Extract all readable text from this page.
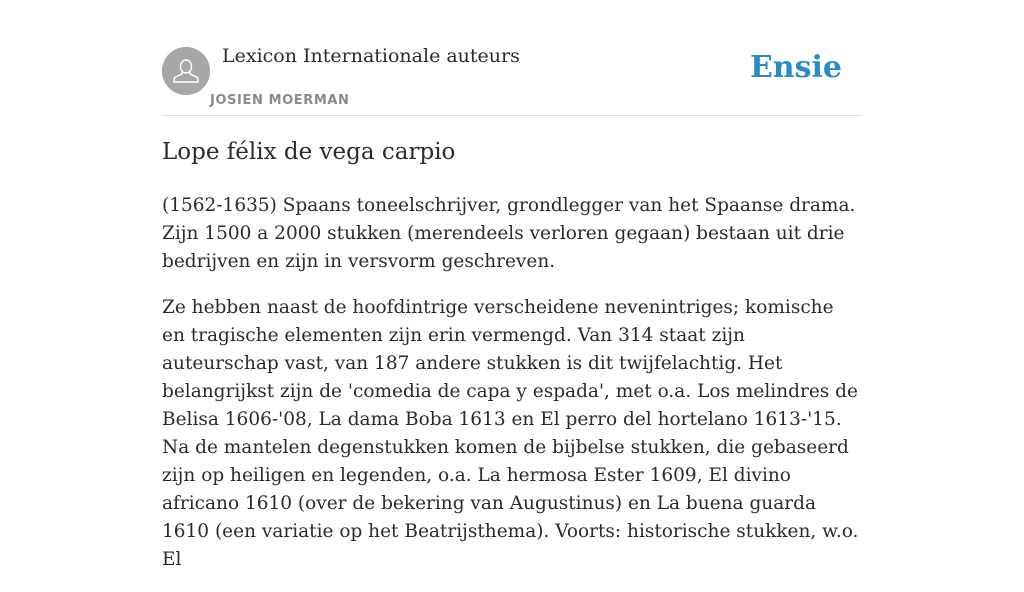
Lexicon Internationale auteurs
JOSIEN MOERMAN
Ensie
Lope félix de vega carpio

(1562-1635) Spaans toneelschrijver, grondlegger van het Spaanse drama. Zijn 1500 a 2000 stukken (merendeels verloren gegaan) bestaan uit drie bedrijven en zijn in versvorm geschreven.

Ze hebben naast de hoofdintrige verscheidene nevenintriges; komische en tragische elementen zijn erin vermengd. Van 314 staat zijn auteurschap vast, van 187 andere stukken is dit twijfelachtig. Het belangrijkst zijn de 'comedia de capa y espada', met o.a. Los melindres de Belisa 1606-'08, La dama Boba 1613 en El perro del hortelano 1613-'15. Na de mantelen degenstukken komen de bijbelse stukken, die gebaseerd zijn op heiligen en legenden, o.a. La hermosa Ester 1609, El divino africano 1610 (over de bekering van Augustinus) en La buena guarda 1610 (een variatie op het Beatrijsthema). Voorts: historische stukken, w.o. El
